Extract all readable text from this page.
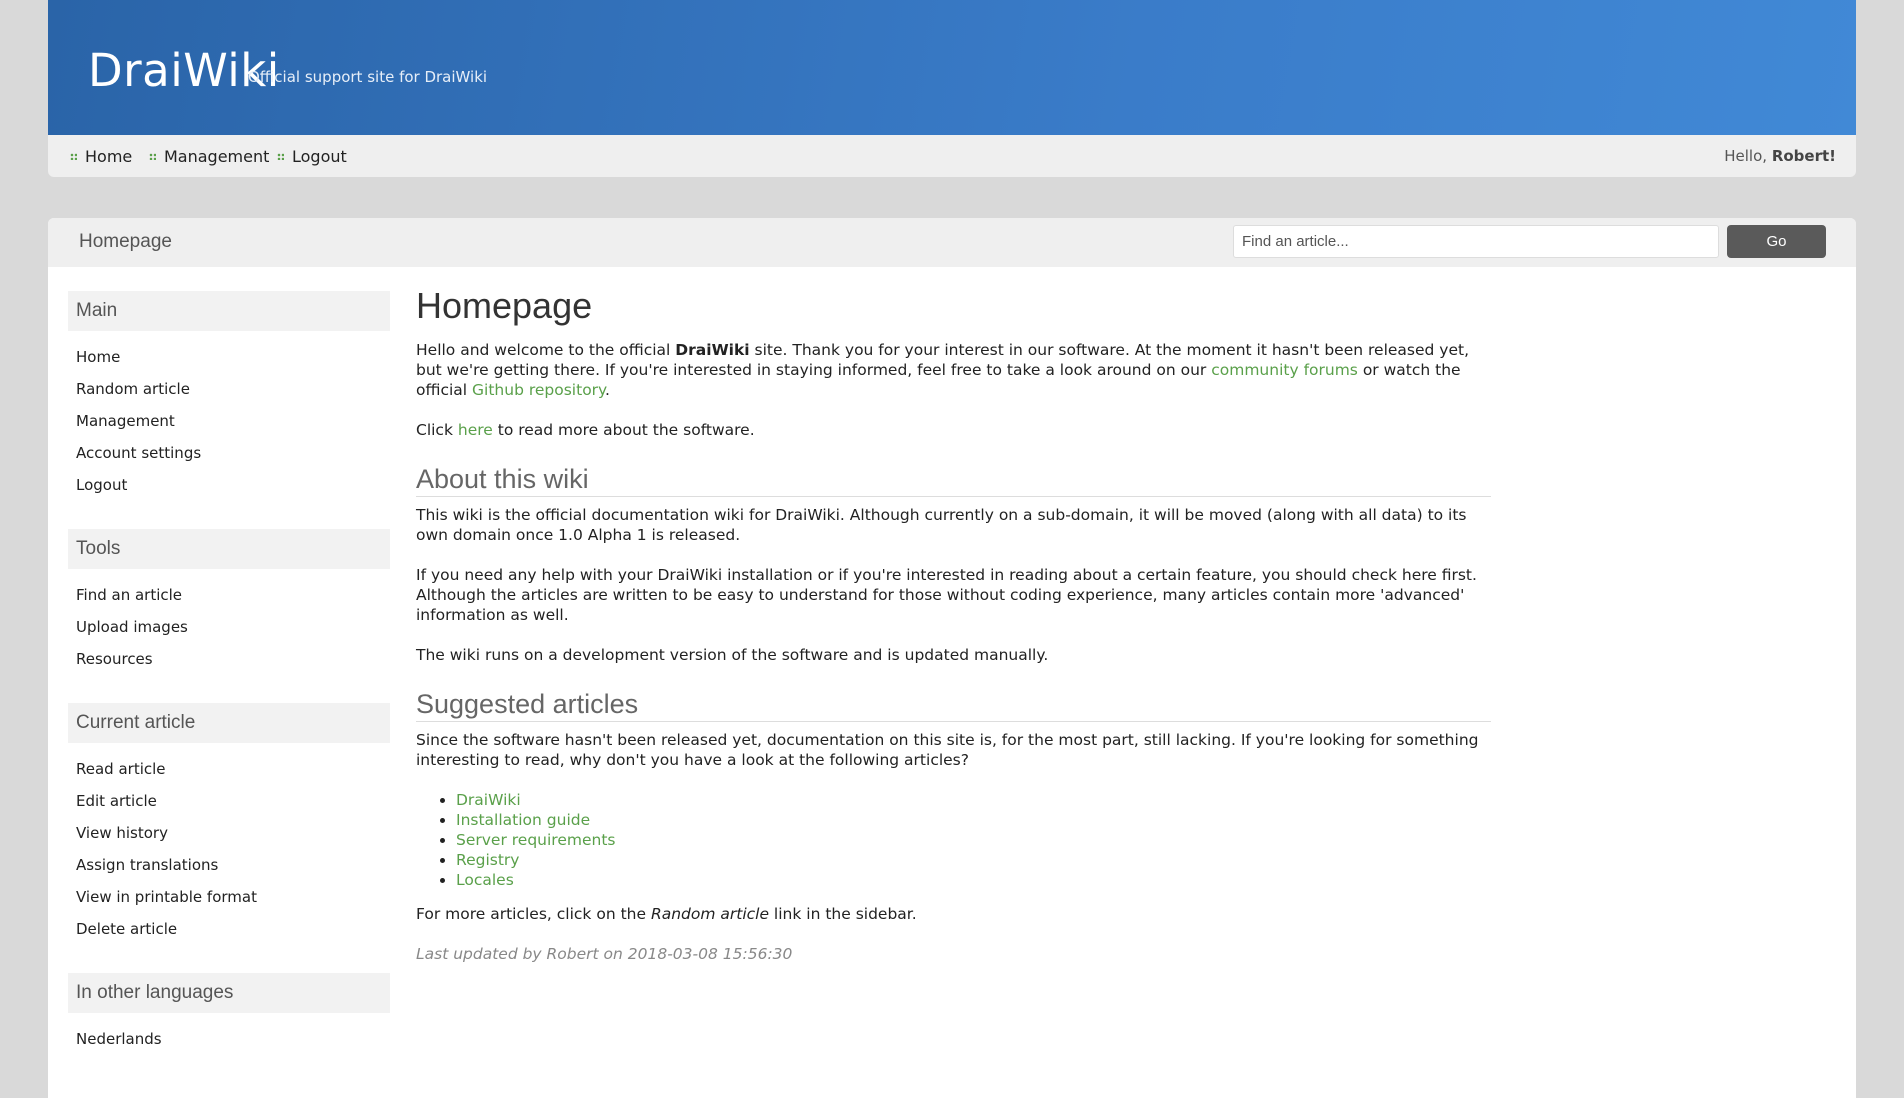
DraiWiki
Official support site for DraiWiki
Home Management Logout	Hello, Robert!
Homepage
Find an article...	Go
Main
Home
Random article
Management
Account settings
Logout
Tools
Find an article
Upload images
Resources
Current article
Read article
Edit article
View history
Assign translations
View in printable format
Delete article
In other languages
Nederlands
Homepage

Hello and welcome to the official DraiWiki site. Thank you for your interest in our software. At the moment it hasn't been released yet, but we're getting there. If you're interested in staying informed, feel free to take a look around on our community forums or watch the official Github repository.

Click here to read more about the software.

About this wiki

This wiki is the official documentation wiki for DraiWiki. Although currently on a sub-domain, it will be moved (along with all data) to its own domain once 1.0 Alpha 1 is released.

If you need any help with your DraiWiki installation or if you're interested in reading about a certain feature, you should check here first. Although the articles are written to be easy to understand for those without coding experience, many articles contain more 'advanced' information as well.

The wiki runs on a development version of the software and is updated manually.

Suggested articles

Since the software hasn't been released yet, documentation on this site is, for the most part, still lacking. If you're looking for something interesting to read, why don't you have a look at the following articles?

• DraiWiki
• Installation guide
• Server requirements
• Registry
• Locales

For more articles, click on the Random article link in the sidebar.

Last updated by Robert on 2018-03-08 15:56:30
